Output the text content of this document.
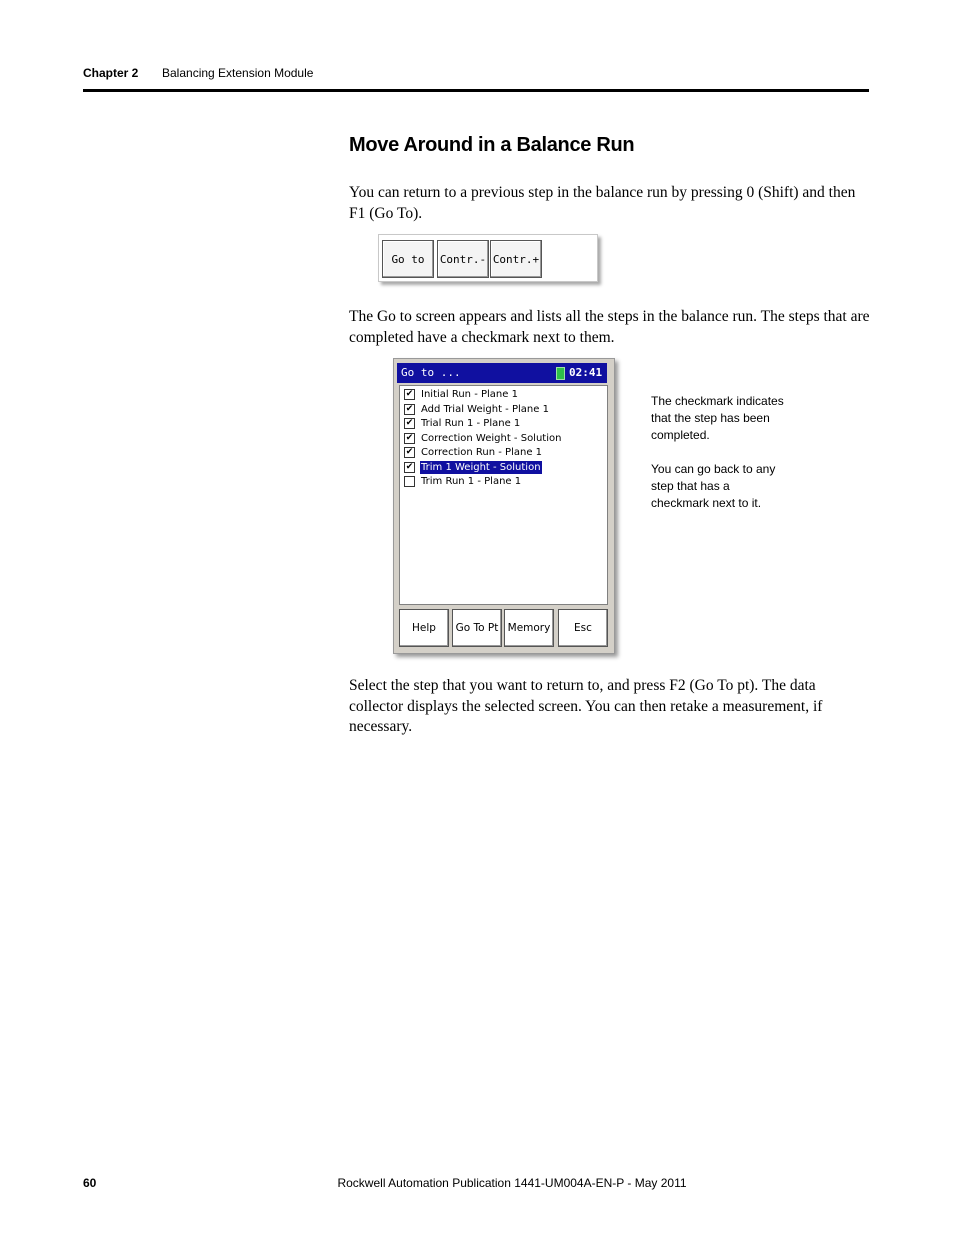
Chapter 2 Balancing Extension Module
Move Around in a Balance Run

You can return to a previous step in the balance run by pressing 0 (Shift) and then F1 (Go To).

Go to	Contr.- Contr.+

The Go to screen appears and lists all the steps in the balance run. The steps that are completed have a checkmark next to them.

Go to ...	02:41
✔ Initial Run - Plane 1
✔ Add Trial Weight - Plane 1
✔ Trial Run 1 - Plane 1
✔ Correction Weight - Solution
✔ Correction Run - Plane 1
✔ Trim 1 Weight - Solution
Trim Run 1 - Plane 1
Help	Go To Pt Memory	Esc

The checkmark indicates that the step has been completed.

You can go back to any step that has a checkmark next to it.

Select the step that you want to return to, and press F2 (Go To pt). The data collector displays the selected screen. You can then retake a measurement, if necessary.

60	Rockwell Automation Publication 1441-UM004A-EN-P - May 2011
